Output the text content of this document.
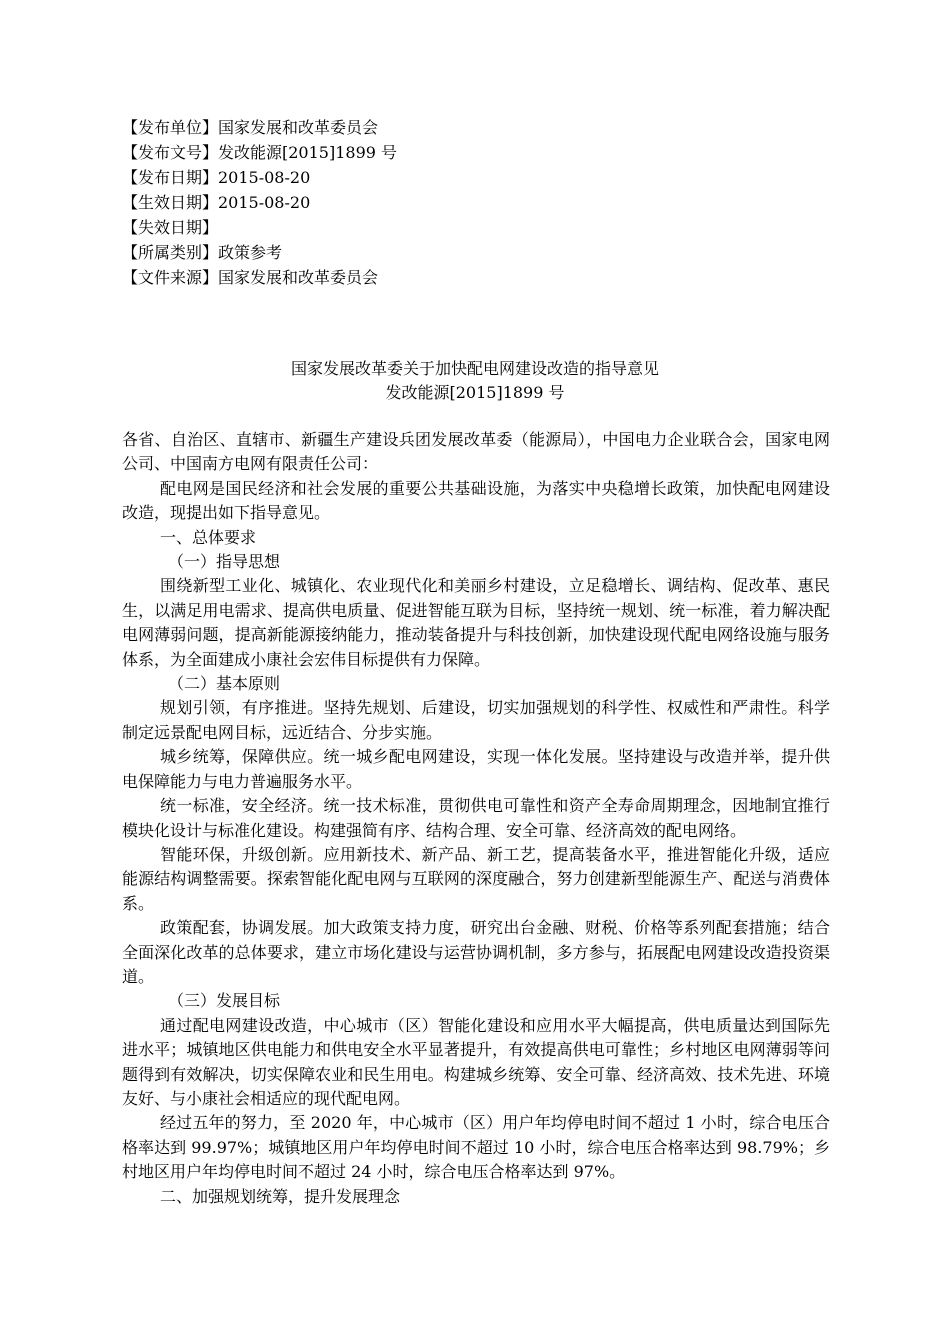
【发布单位】国家发展和改革委员会
【发布文号】发改能源[2015]1899 号
【发布日期】2015-08-20
【生效日期】2015-08-20
【失效日期】
【所属类别】政策参考
【文件来源】国家发展和改革委员会
国家发展改革委关于加快配电网建设改造的指导意见
发改能源[2015]1899 号

各省、自治区、直辖市、新疆生产建设兵团发展改革委（能源局），中国电力企业联合会，国家电网公司、中国南方电网有限责任公司：

配电网是国民经济和社会发展的重要公共基础设施，为落实中央稳增长政策，加快配电网建设改造，现提出如下指导意见。

一、总体要求

（一）指导思想

围绕新型工业化、城镇化、农业现代化和美丽乡村建设，立足稳增长、调结构、促改革、惠民生，以满足用电需求、提高供电质量、促进智能互联为目标，坚持统一规划、统一标准，着力解决配电网薄弱问题，提高新能源接纳能力，推动装备提升与科技创新，加快建设现代配电网络设施与服务体系，为全面建成小康社会宏伟目标提供有力保障。

（二）基本原则

规划引领，有序推进。坚持先规划、后建设，切实加强规划的科学性、权威性和严肃性。科学制定远景配电网目标，远近结合、分步实施。

城乡统筹，保障供应。统一城乡配电网建设，实现一体化发展。坚持建设与改造并举，提升供电保障能力与电力普遍服务水平。

统一标准，安全经济。统一技术标准，贯彻供电可靠性和资产全寿命周期理念，因地制宜推行模块化设计与标准化建设。构建强简有序、结构合理、安全可靠、经济高效的配电网络。

智能环保，升级创新。应用新技术、新产品、新工艺，提高装备水平，推进智能化升级，适应能源结构调整需要。探索智能化配电网与互联网的深度融合，努力创建新型能源生产、配送与消费体系。

政策配套，协调发展。加大政策支持力度，研究出台金融、财税、价格等系列配套措施；结合全面深化改革的总体要求，建立市场化建设与运营协调机制，多方参与，拓展配电网建设改造投资渠道。

（三）发展目标

通过配电网建设改造，中心城市（区）智能化建设和应用水平大幅提高，供电质量达到国际先进水平；城镇地区供电能力和供电安全水平显著提升，有效提高供电可靠性；乡村地区电网薄弱等问题得到有效解决，切实保障农业和民生用电。构建城乡统筹、安全可靠、经济高效、技术先进、环境友好、与小康社会相适应的现代配电网。

经过五年的努力，至 2020 年，中心城市（区）用户年均停电时间不超过 1 小时，综合电压合格率达到 99.97%；城镇地区用户年均停电时间不超过 10 小时，综合电压合格率达到 98.79%；乡村地区用户年均停电时间不超过 24 小时，综合电压合格率达到 97%。

二、加强规划统筹，提升发展理念
